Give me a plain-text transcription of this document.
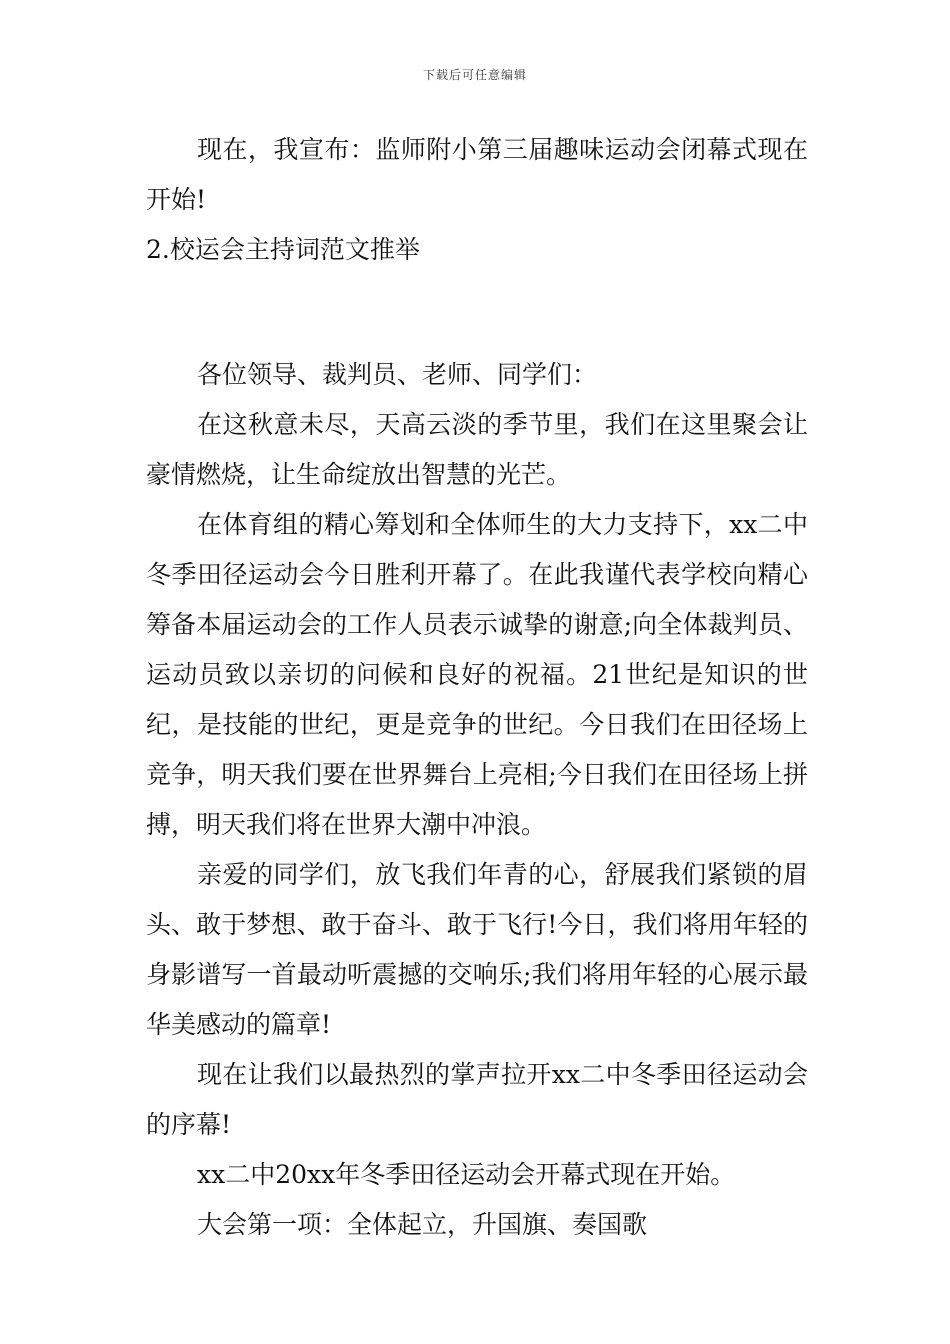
下载后可任意编辑

现在，我宣布：监师附小第三届趣味运动会闭幕式现在开始!

2.校运会主持词范文推举

各位领导、裁判员、老师、同学们：

在这秋意未尽，天高云淡的季节里，我们在这里聚会让豪情燃烧，让生命绽放出智慧的光芒。

在体育组的精心筹划和全体师生的大力支持下，xx二中冬季田径运动会今日胜利开幕了。在此我谨代表学校向精心筹备本届运动会的工作人员表示诚挚的谢意;向全体裁判员、运动员致以亲切的问候和良好的祝福。21世纪是知识的世纪，是技能的世纪，更是竞争的世纪。今日我们在田径场上竞争，明天我们要在世界舞台上亮相;今日我们在田径场上拼搏，明天我们将在世界大潮中冲浪。

亲爱的同学们，放飞我们年青的心，舒展我们紧锁的眉头、敢于梦想、敢于奋斗、敢于飞行!今日，我们将用年轻的身影谱写一首最动听震撼的交响乐;我们将用年轻的心展示最华美感动的篇章!

现在让我们以最热烈的掌声拉开xx二中冬季田径运动会的序幕!

xx二中20xx年冬季田径运动会开幕式现在开始。

大会第一项：全体起立，升国旗、奏国歌
